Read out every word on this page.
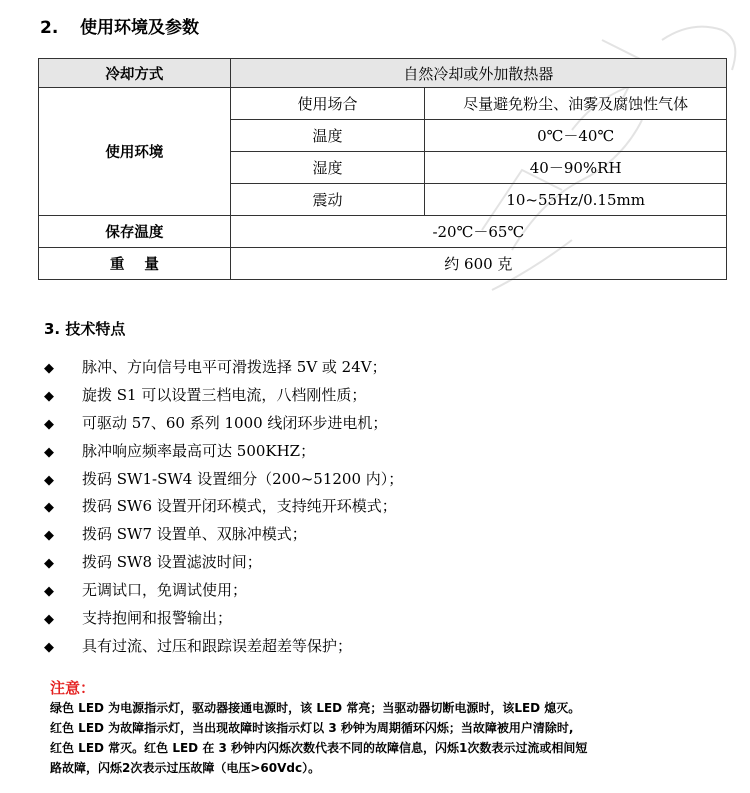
2. 使用环境及参数
冷却方式	自然冷却或外加散热器	
使用环境	使用场合	尽量避免粉尘、油雾及腐蚀性气体
	温度	0℃－40℃
	湿度	40－90%RH
	震动	10~55Hz/0.15mm
保存温度	-20℃－65℃	
重量	约 600 克	
3. 技术特点
◆ 脉冲、方向信号电平可滑拨选择 5V 或 24V；
◆ 旋拨 S1 可以设置三档电流，八档刚性质；
◆ 可驱动 57、60 系列 1000 线闭环步进电机；
◆ 脉冲响应频率最高可达 500KHZ；
◆ 拨码 SW1-SW4 设置细分（200~51200 内）；
◆ 拨码 SW6 设置开闭环模式，支持纯开环模式；
◆ 拨码 SW7 设置单、双脉冲模式；
◆ 拨码 SW8 设置滤波时间；
◆ 无调试口，免调试使用；
◆ 支持抱闸和报警输出；
◆ 具有过流、过压和跟踪误差超差等保护；
注意：

绿色 LED 为电源指示灯，驱动器接通电源时，该 LED 常亮；当驱动器切断电源时，该LED 熄灭。

红色 LED 为故障指示灯，当出现故障时该指示灯以 3 秒钟为周期循环闪烁；当故障被用户清除时,

红色 LED 常灭。红色 LED 在 3 秒钟内闪烁次数代表不同的故障信息，闪烁1次数表示过流或相间短

路故障，闪烁2次表示过压故障（电压>60Vdc）。
